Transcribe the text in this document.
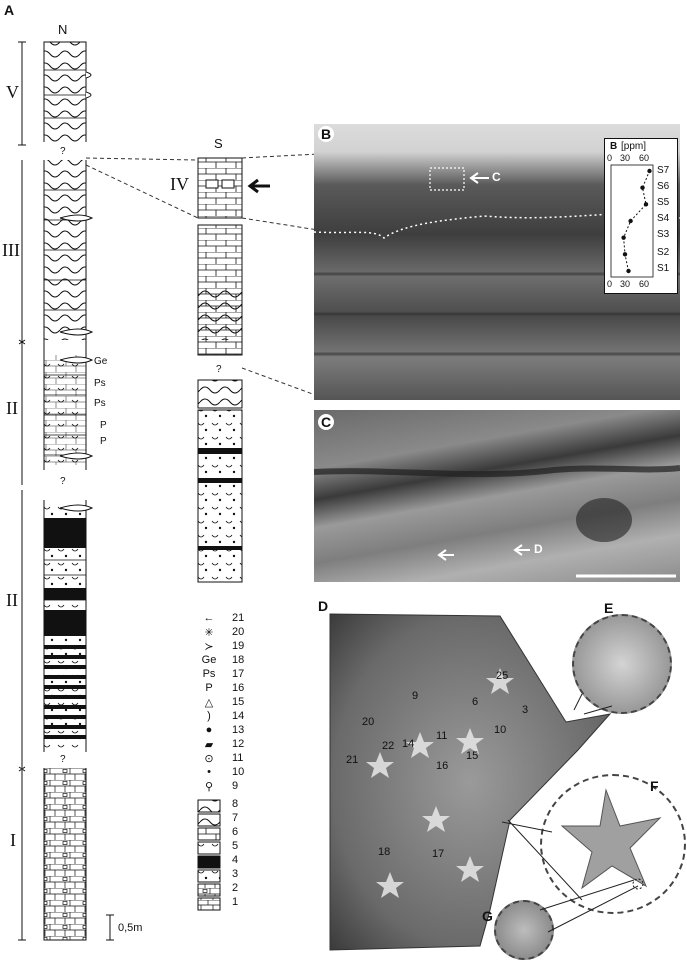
A
N
V
III
II
II
I
?
?
?
Ge
Ps
Ps
P
P
0,5m
S
IV
?
←
✳
≻
Ge
Ps
P
△
)
●
▰
⊙
•
⚲
21
20
19
18
17
16
15
14
13
12
11
10
9
8
7
6
5
4
3
2
1
B
C
B [ppm]
0 30 60
0 30 60
S7
S6
S5
S4
S3
S2
S1
C
D
D
25
9	6
3
10
11
14
15
16
20
21
22
18	17
E
F
G
